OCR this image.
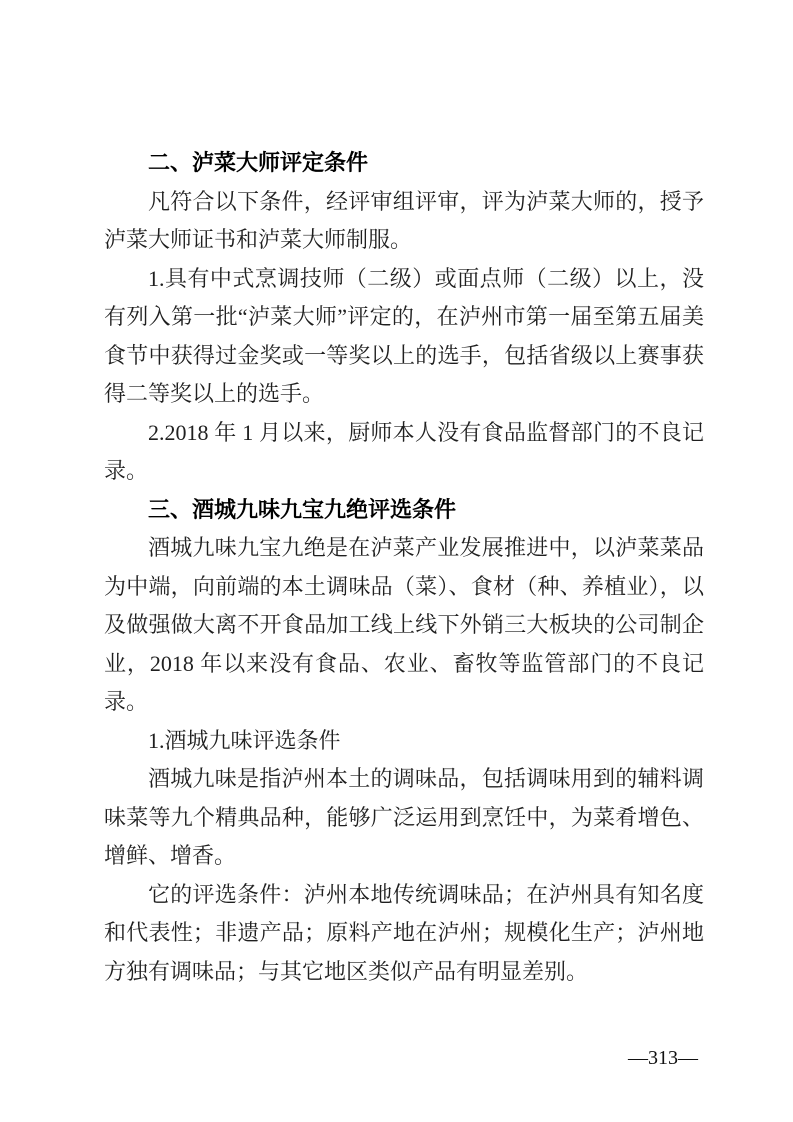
二、泸菜大师评定条件

凡符合以下条件，经评审组评审，评为泸菜大师的，授予泸菜大师证书和泸菜大师制服。

1.具有中式烹调技师（二级）或面点师（二级）以上，没有列入第一批“泸菜大师”评定的，在泸州市第一届至第五届美食节中获得过金奖或一等奖以上的选手，包括省级以上赛事获得二等奖以上的选手。

2.2018 年 1 月以来，厨师本人没有食品监督部门的不良记录。

三、酒城九味九宝九绝评选条件

酒城九味九宝九绝是在泸菜产业发展推进中，以泸菜菜品为中端，向前端的本土调味品（菜）、食材（种、养植业），以及做强做大离不开食品加工线上线下外销三大板块的公司制企业，2018 年以来没有食品、农业、畜牧等监管部门的不良记录。

1.酒城九味评选条件

酒城九味是指泸州本土的调味品，包括调味用到的辅料调味菜等九个精典品种，能够广泛运用到烹饪中，为菜肴增色、增鲜、增香。

它的评选条件：泸州本地传统调味品；在泸州具有知名度和代表性；非遗产品；原料产地在泸州；规模化生产；泸州地方独有调味品；与其它地区类似产品有明显差别。

—313—
